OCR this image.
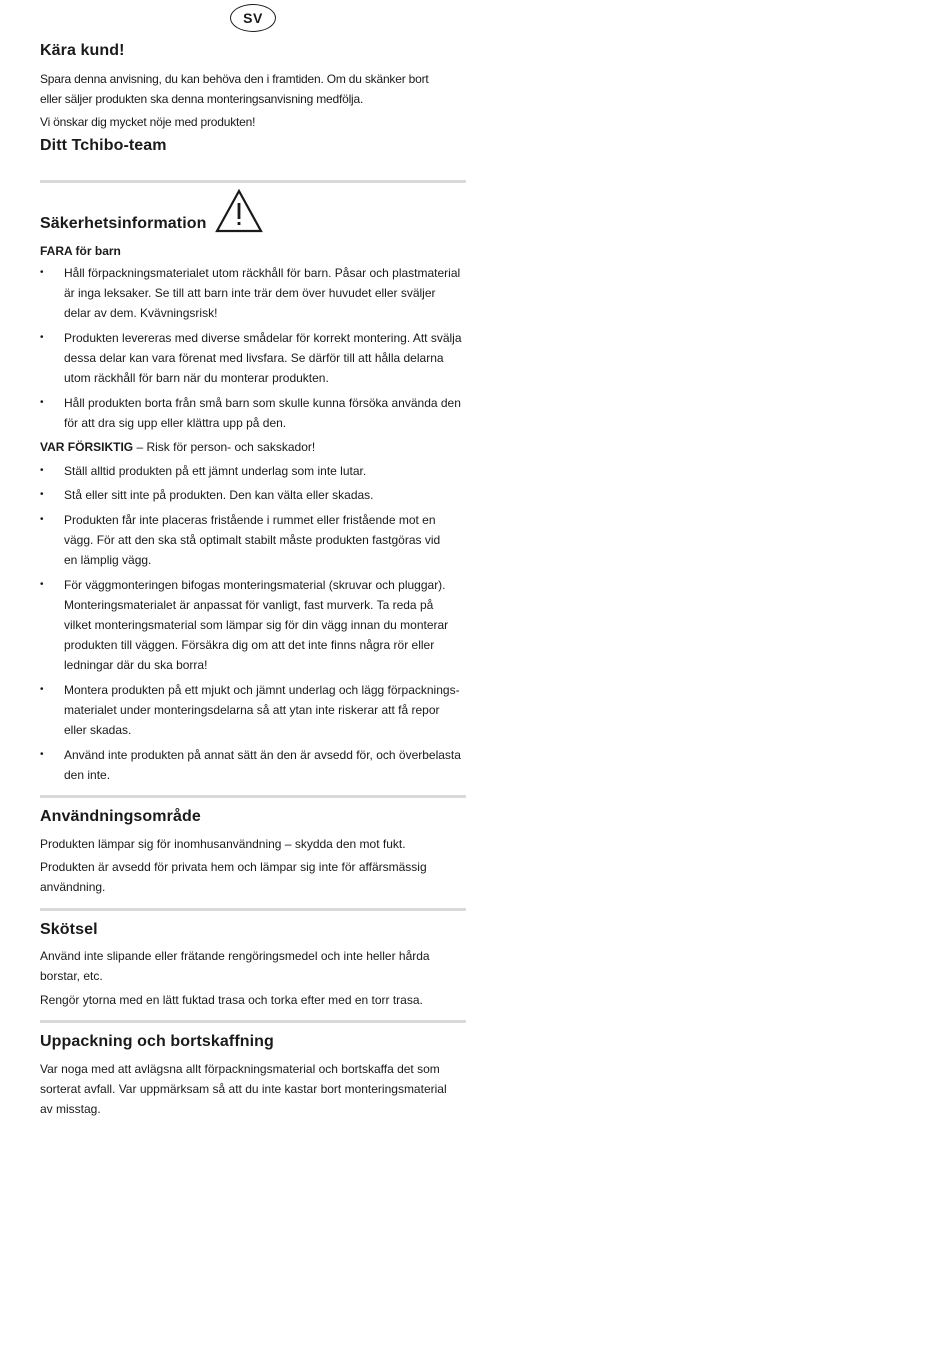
SV
Kära kund!

Spara denna anvisning, du kan behöva den i framtiden. Om du skänker bort

eller säljer produkten ska denna monteringsanvisning medfölja.

Vi önskar dig mycket nöje med produkten!

Ditt Tchibo-team
Säkerhetsinformation

FARA för barn

• Håll förpackningsmaterialet utom räckhåll för barn. Påsar och plastmaterial
är inga leksaker. Se till att barn inte trär dem över huvudet eller sväljer
delar av dem. Kvävningsrisk!
• Produkten levereras med diverse smådelar för korrekt montering. Att svälja
dessa delar kan vara förenat med livsfara. Se därför till att hålla delarna
utom räckhåll för barn när du monterar produkten.
• Håll produkten borta från små barn som skulle kunna försöka använda den
för att dra sig upp eller klättra upp på den.

VAR FÖRSIKTIG – Risk för person- och sakskador!

• Ställ alltid produkten på ett jämnt underlag som inte lutar.
• Stå eller sitt inte på produkten. Den kan välta eller skadas.
• Produkten får inte placeras fristående i rummet eller fristående mot en
vägg. För att den ska stå optimalt stabilt måste produkten fastgöras vid
en lämplig vägg.
• För väggmonteringen bifogas monteringsmaterial (skruvar och pluggar).
Monteringsmaterialet är anpassat för vanligt, fast murverk. Ta reda på
vilket monteringsmaterial som lämpar sig för din vägg innan du monterar
produkten till väggen. Försäkra dig om att det inte finns några rör eller
ledningar där du ska borra!
• Montera produkten på ett mjukt och jämnt underlag och lägg förpacknings-
materialet under monteringsdelarna så att ytan inte riskerar att få repor
eller skadas.
• Använd inte produkten på annat sätt än den är avsedd för, och överbelasta
den inte.
Användningsområde

Produkten lämpar sig för inomhusanvändning – skydda den mot fukt.

Produkten är avsedd för privata hem och lämpar sig inte för affärsmässig

användning.

Skötsel

Använd inte slipande eller frätande rengöringsmedel och inte heller hårda

borstar, etc.

Rengör ytorna med en lätt fuktad trasa och torka efter med en torr trasa.

Uppackning och bortskaffning

Var noga med att avlägsna allt förpackningsmaterial och bortskaffa det som

sorterat avfall. Var uppmärksam så att du inte kastar bort monteringsmaterial

av misstag.
